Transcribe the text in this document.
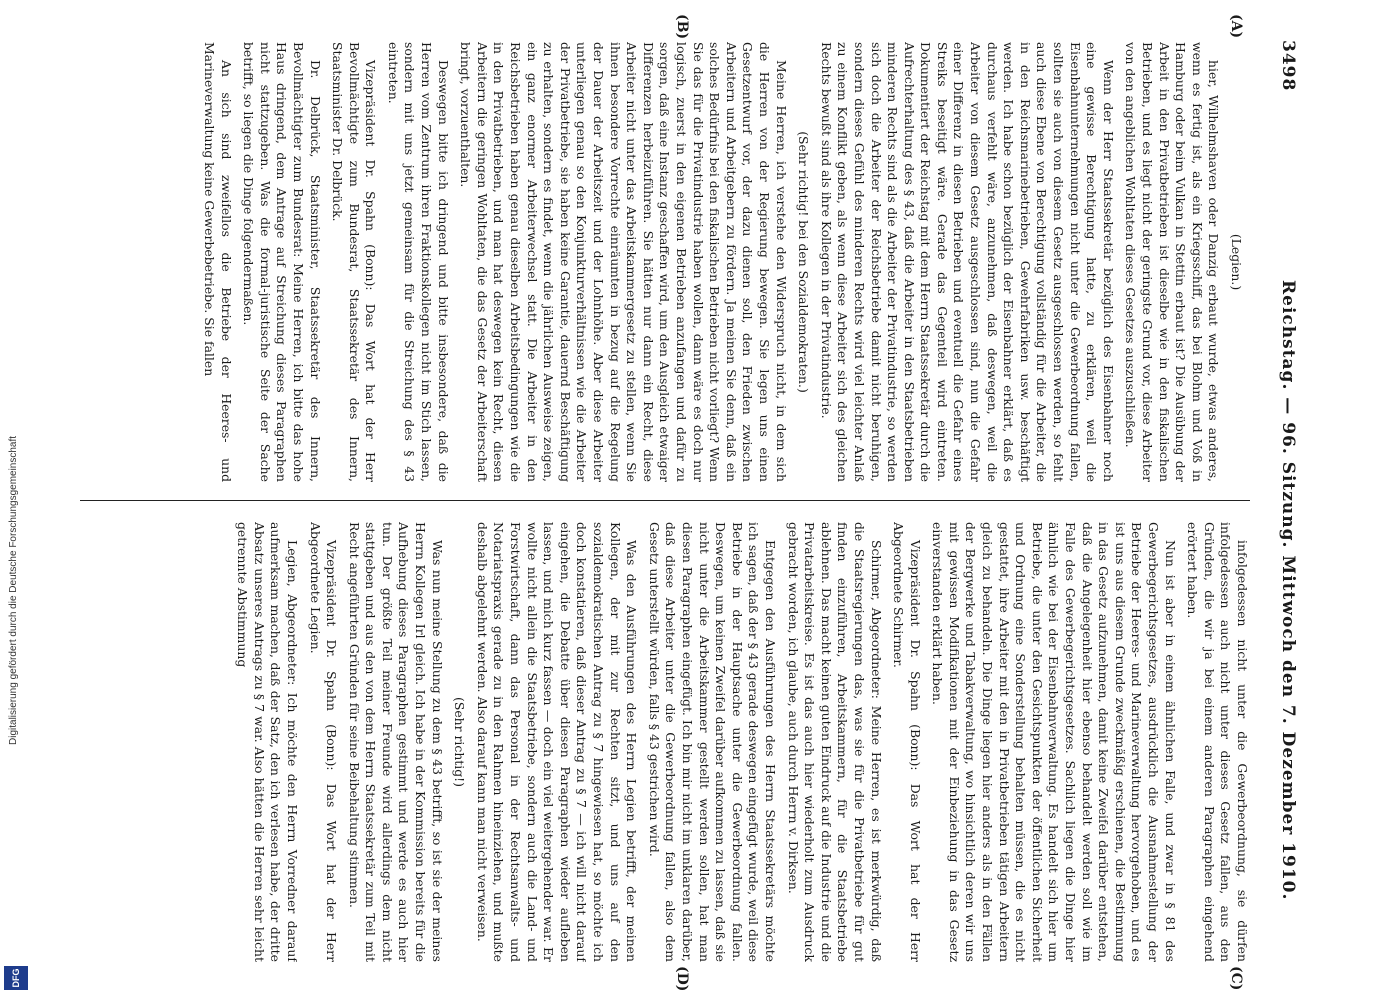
3498
Reichstag. — 96. Sitzung. Mittwoch den 7. Dezember 1910.
(A)
(B)
(C)
(D)

(Legien.)

hier, Wilhelmshaven oder Danzig erbaut wurde, etwas anderes, wenn es fertig ist, als ein Kriegsschiff, das bei Blohm und Voß in Hamburg oder beim Vulkan in Stettin erbaut ist? Die Ausübung der Arbeit in den Privatbetrieben ist dieselbe wie in den fiskalischen Betrieben, und es liegt nicht der geringste Grund vor, diese Arbeiter von den angeblichen Wohltaten dieses Gesetzes auszuschließen.

Wenn der Herr Staatssekretär bezüglich des Eisenbahner noch eine gewisse Berechtigung hatte, zu erklären, weil die Eisenbahnunternehmungen nicht unter die Gewerbeordnung fallen, sollten sie auch von diesem Gesetz ausgeschlossen werden, so fehlt auch diese Ebene von Berechtigung vollständig für die Arbeiter, die in den Reichsmarinebetrieben, Gewehrfabriken usw. beschäftigt werden. Ich habe schon bezüglich der Eisenbahner erklärt, daß es durchaus verfehlt wäre, anzunehmen, daß deswegen, weil die Arbeiter von diesem Gesetz ausgeschlossen sind, nun die Gefahr einer Differenz in diesen Betrieben und eventuell die Gefahr eines Streiks beseitigt wäre. Gerade das Gegenteil wird eintreten. Dokumentiert der Reichstag mit dem Herrn Staatssekretär durch die Aufrechterhaltung des § 43, daß die Arbeiter in den Staatsbetrieben minderen Rechts sind als die Arbeiter der Privatindustrie, so werden sich doch die Arbeiter der Reichsbetriebe damit nicht beruhigen, sondern dieses Gefühl des minderen Rechts wird viel leichter Anlaß zu einem Konflikt geben, als wenn diese Arbeiter sich des gleichen Rechts bewußt sind als ihre Kollegen in der Privatindustrie.

(Sehr richtig! bei den Sozialdemokraten.)

Meine Herren, ich verstehe den Widerspruch nicht, in dem sich die Herren von der Regierung bewegen. Sie legen uns einen Gesetzentwurf vor, der dazu dienen soll, den Frieden zwischen Arbeitern und Arbeitgebern zu fördern. Ja meinen Sie denn, daß ein solches Bedürfnis bei den fiskalischen Betrieben nicht vorliegt? Wenn Sie das für die Privatindustrie haben wollen, dann wäre es doch nur logisch, zuerst in den eigenen Betrieben anzufangen und dafür zu sorgen, daß eine Instanz geschaffen wird, um den Ausgleich etwaiger Differenzen herbeizuführen. Sie hätten nur dann ein Recht, diese Arbeiter nicht unter das Arbeitskammergesetz zu stellen, wenn Sie ihnen besondere Vorrechte einräumten in bezug auf die Regelung der Dauer der Arbeitszeit und der Lohnhöhe. Aber diese Arbeiter unterliegen genau so den Konjunkturverhältnissen wie die Arbeiter der Privatbetriebe, sie haben keine Garantie, dauernd Beschäftigung zu erhalten, sondern es findet, wenn die jährlichen Ausweise zeigen, ein ganz enormer Arbeiterwechsel statt. Die Arbeiter in den Reichsbetrieben haben genau dieselben Arbeitsbedingungen wie die in den Privatbetrieben, und man hat deswegen kein Recht, diesen Arbeitern die geringen Wohltaten, die das Gesetz der Arbeiterschaft bringt, vorzuenthalten.

Deswegen bitte ich dringend und bitte insbesondere, daß die Herren vom Zentrum ihren Fraktionskollegen nicht im Stich lassen, sondern mit uns jetzt gemeinsam für die Streichung des § 43 eintreten.

Vizepräsident Dr. Spahn (Bonn): Das Wort hat der Herr Bevollmächtigte zum Bundesrat, Staatssekretär des Innern, Staatsminister Dr. Delbrück.

Dr. Delbrück, Staatsminister, Staatssekretär des Innern, Bevollmächtigter zum Bundesrat: Meine Herren, ich bitte das hohe Haus dringend, dem Antrage auf Streichung dieses Paragraphen nicht stattzugeben. Was die formal-juristische Seite der Sache betrifft, so liegen die Dinge folgendermaßen.

An sich sind zweifellos die Betriebe der Heeres- und Marineverwaltung keine Gewerbebetriebe. Sie fallen

infolgedessen nicht unter die Gewerbeordnung, sie dürfen infolgedessen auch nicht unter dieses Gesetz fallen, aus den Gründen, die wir ja bei einem anderen Paragraphen eingehend erörtert haben.

Nun ist aber in einem ähnlichen Falle, und zwar in § 81 des Gewerbegerichtsgesetzes, ausdrücklich die Ausnahmestellung der Betriebe der Heeres- und Marineverwaltung hervorgehoben, und es ist uns aus diesem Grunde zweckmäßig erschienen, die Bestimmung in das Gesetz aufzunehmen, damit keine Zweifel darüber entstehen, daß die Angelegenheit hier ebenso behandelt werden soll wie im Falle des Gewerbegerichtsgesetzes. Sachlich liegen die Dinge hier ähnlich wie bei der Eisenbahnverwaltung. Es handelt sich hier um Betriebe, die unter den Gesichtspunkten der öffentlichen Sicherheit und Ordnung eine Sonderstellung behalten müssen, die es nicht gestattet, ihre Arbeiter mit den in Privatbetrieben tätigen Arbeitern gleich zu behandeln. Die Dinge liegen hier anders als in den Fällen der Bergwerke und Tabakverwaltung, wo hinsichtlich deren wir uns mit gewissen Modifikationen mit der Einbeziehung in das Gesetz einverstanden erklärt haben.

Vizepräsident Dr. Spahn (Bonn): Das Wort hat der Herr Abgeordnete Schirmer.

Schirmer, Abgeordneter: Meine Herren, es ist merkwürdig, daß die Staatsregierungen das, was sie für die Privatbetriebe für gut finden einzuführen, Arbeitskammern, für die Staatsbetriebe ablehnen. Das macht keinen guten Eindruck auf die Industrie und die Privatarbeitskreise. Es ist das auch hier wiederholt zum Ausdruck gebracht worden, ich glaube, auch durch Herrn v. Dirksen.

Entgegen den Ausführungen des Herrn Staatssekretärs möchte ich sagen, daß der § 43 gerade deswegen eingefügt wurde, weil diese Betriebe in der Hauptsache unter die Gewerbeordnung fallen. Deswegen, um keinen Zweifel darüber aufkommen zu lassen, daß sie nicht unter die Arbeitskammer gestellt werden sollen, hat man diesen Paragraphen eingefügt. Ich bin mir nicht im unklaren darüber, daß diese Arbeiter unter die Gewerbeordnung fallen, also dem Gesetz unterstellt würden, falls § 43 gestrichen wird.

Was den Ausführungen des Herrn Legien betrifft, der meinen Kollegen, der mit zur Rechten sitzt, und uns auf den sozialdemokratischen Antrag zu § 7 hingewiesen hat, so möchte ich doch konstatieren, daß dieser Antrag zu § 7 — ich will nicht darauf eingehen, die Debatte über diesen Paragraphen wieder aufleben lassen, und mich kurz fassen — doch ein viel weitergehender war. Er wollte nicht allein die Staatsbetriebe, sondern auch die Land- und Forstwirtschaft, dann das Personal in der Rechtsanwalts- und Notariatspraxis gerade zu in den Rahmen hineinziehen, und mußte deshalb abgelehnt werden. Also darauf kann man nicht verweisen.

(Sehr richtig!)

Was nun meine Stellung zu dem § 43 betrifft, so ist sie der meines Herrn Kollegen Irl gleich. Ich habe in der Kommission bereits für die Aufhebung dieses Paragraphen gestimmt und werde es auch hier tun. Der größte Teil meiner Freunde wird allerdings dem nicht stattgeben und aus den von dem Herrn Staatssekretär zum Teil mit Recht angeführten Gründen für seine Beibehaltung stimmen.

Vizepräsident Dr. Spahn (Bonn): Das Wort hat der Herr Abgeordnete Legien.

Legien, Abgeordneter: Ich möchte den Herrn Vorredner darauf aufmerksam machen, daß der Satz, den ich verlesen habe, der dritte Absatz unseres Antrags zu § 7 war. Also hätten die Herren sehr leicht getrennte Abstimmung

Digitalisierung gefördert durch die Deutsche Forschungsgemeinschaft
DFG
